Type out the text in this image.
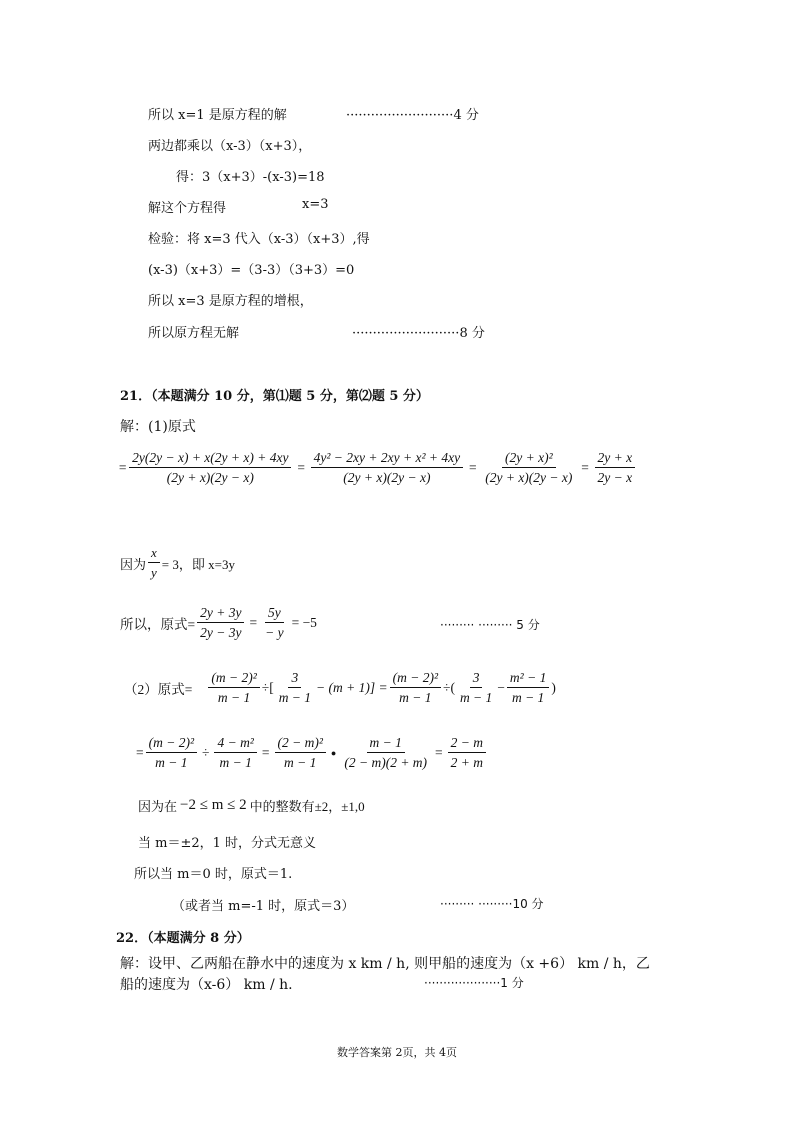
所以 x=1 是原方程的解	··························4 分
两边都乘以（x-3）（x+3），
得：3（x+3）-(x-3)=18
解这个方程得	x=3
检验：将 x=3 代入（x-3）（x+3）,得
(x-3)（x+3）=（3-3）（3+3）=0
所以 x=3 是原方程的增根，
所以原方程无解	··························8 分
21．（本题满分 10 分，第⑴题 5 分，第⑵题 5 分）
解：(1)原式
= $\frac{2y(2y - x) + x(2y + x) + 4xy}{(2y + x)(2y - x)} = \frac{\text{4y² − 2xy + 2xy + x² + 4xy}}{(2y + x)(2y - x)} = \frac{\text{(2y + x)²}}{(2y + x)(2y - x)} = \frac{2y + x}{2y - x}$
因为 $\frac{x}{y} = 3$，即 x=3y
所以，原式= $\frac{2y + 3y}{2y - 3y} = \frac{5y}{- y} = -5$	········· ········· 5 分
（2）原式= $\frac{\text{(m − 2)²}}{m - 1}$ ÷[ $\frac{3}{m - 1} - (m + 1)] = \frac{\text{(m − 2)²}}{m - 1}$ ÷( $\frac{3}{m - 1} - \frac{\text{m² − 1}}{m - 1}$ )
= $\frac{\text{(m − 2)²}}{m - 1} \div \frac{\text{4 − m²}}{m - 1} = \frac{\text{(2 − m)²}}{m - 1}$ ● $\frac{m - 1}{(2 - m)(2 + m)} = \frac{2 - m}{2 + m}$
因为在 −2 ≤ m ≤ 2 中的整数有±2，±1,0
当 m＝±2，1 时，分式无意义
所以当 m＝0 时，原式＝1.
（或者当 m=-1 时，原式＝3）	········· ·········10 分
22．（本题满分 8 分）
解：设甲、乙两船在静水中的速度为 x km / h, 则甲船的速度为（x +6） km / h，乙
船的速度为（x-6） km / h.	····················1 分
数学答案第 2页，共 4页
